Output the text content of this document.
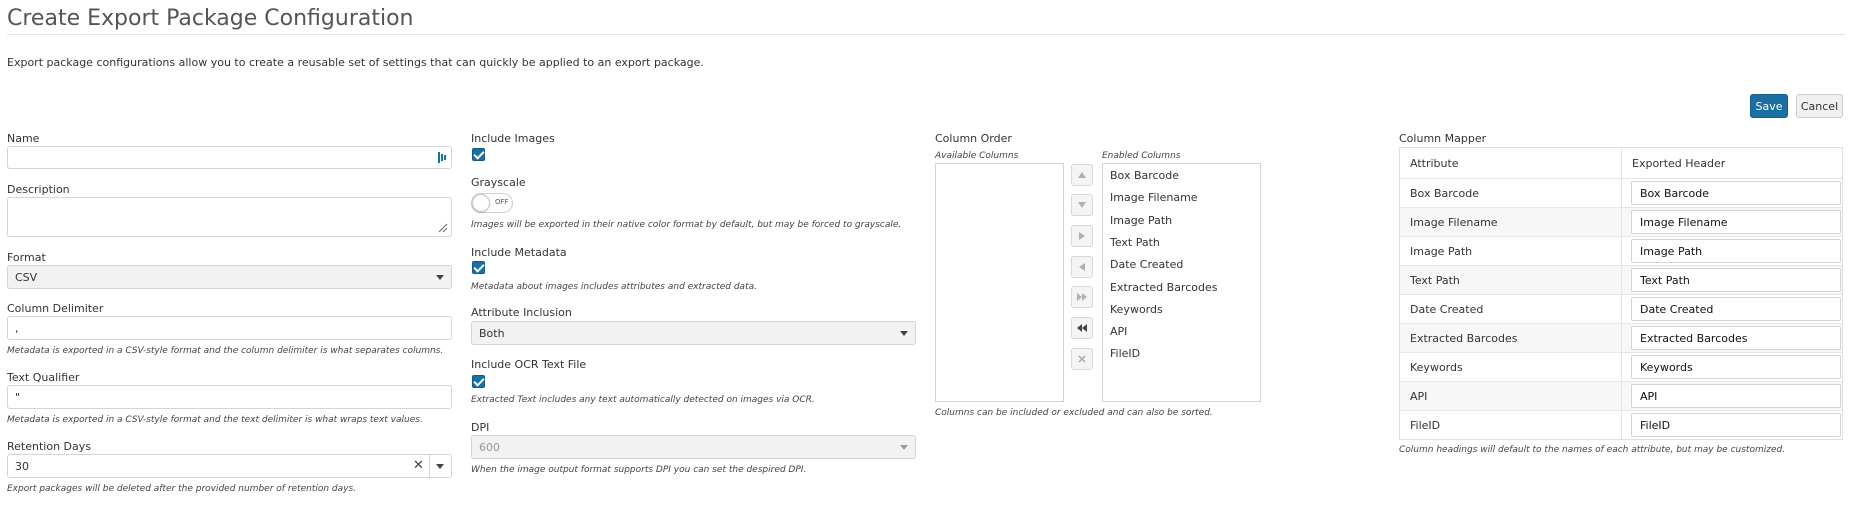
Create Export Package Configuration
Export package configurations allow you to create a reusable set of settings that can quickly be applied to an export package.
Save	Cancel
Name
Description
Format
CSV
Column Delimiter
,
Metadata is exported in a CSV-style format and the column delimiter is what separates columns.
Text Qualifier
"
Metadata is exported in a CSV-style format and the text delimiter is what wraps text values.
Retention Days
30	✕
Export packages will be deleted after the provided number of retention days.
Include Images
Grayscale
OFF
Images will be exported in their native color format by default, but may be forced to grayscale.
Include Metadata
Metadata about images includes attributes and extracted data.
Attribute Inclusion
Both
Include OCR Text File
Extracted Text includes any text automatically detected on images via OCR.
DPI
600
When the image output format supports DPI you can set the despired DPI.
Column Order
Available Columns	Enabled Columns
Box Barcode
Image Filename
Image Path
Text Path
Date Created
Extracted Barcodes
Keywords
API
FileID
Columns can be included or excluded and can also be sorted.
Column Mapper
Attribute	Exported Header
Box Barcode	Box Barcode
Image Filename	Image Filename
Image Path	Image Path
Text Path	Text Path
Date Created	Date Created
Extracted Barcodes	Extracted Barcodes
Keywords	Keywords
API	API
FileID	FileID
Column headings will default to the names of each attribute, but may be customized.
